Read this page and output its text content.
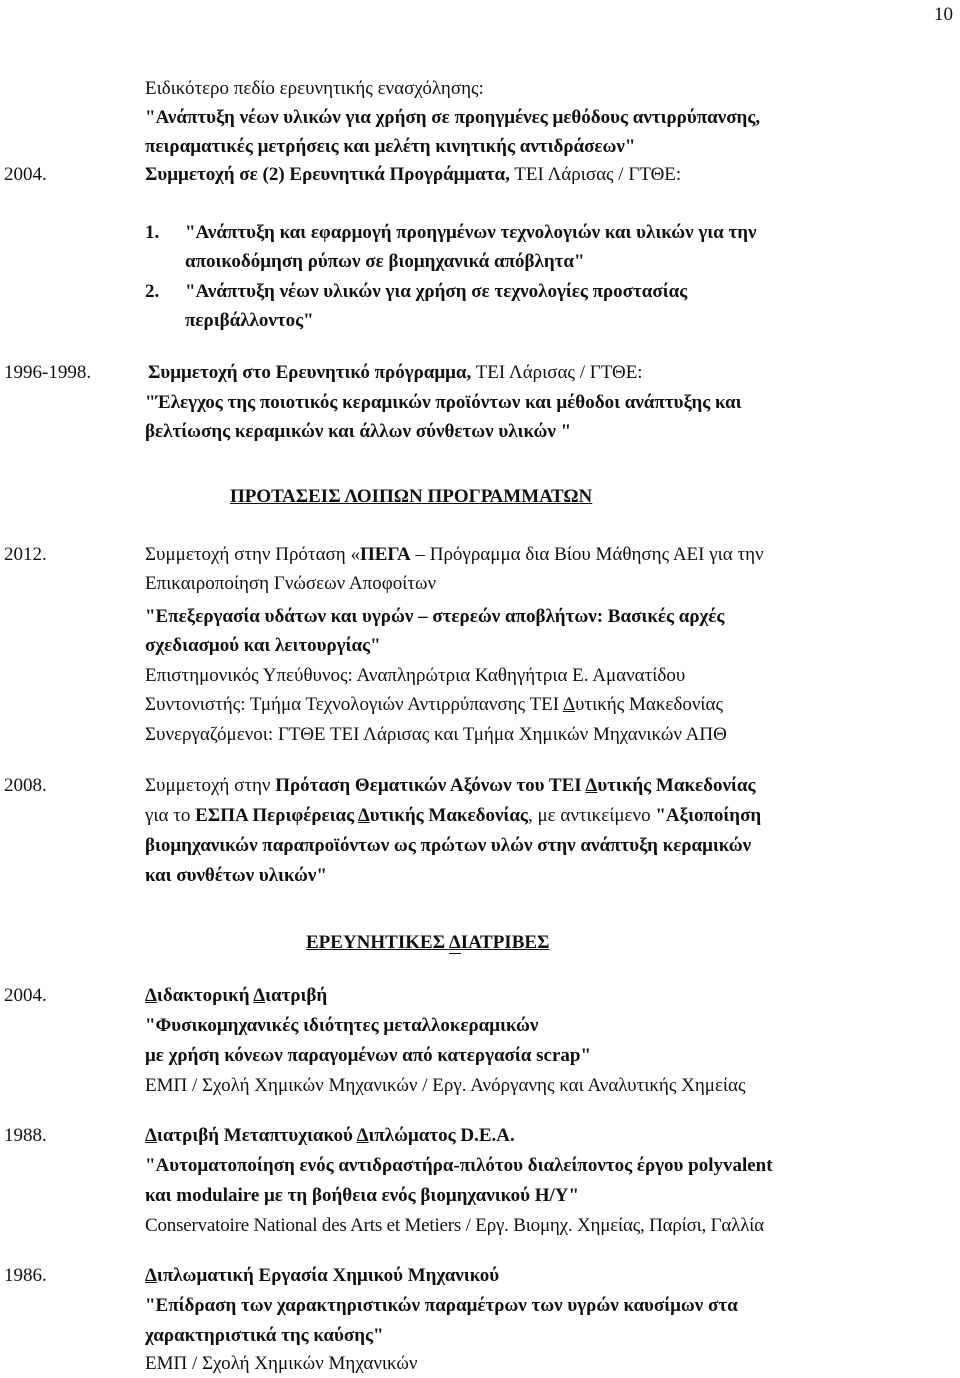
10
Ειδικότερο πεδίο ερευνητικής ενασχόλησης:
"Ανάπτυξη νέων υλικών για χρήση σε προηγμένες μεθόδους αντιρρύπανσης,
πειραματικές μετρήσεις και μελέτη κινητικής αντιδράσεων"
2004.	Συμμετοχή σε (2) Ερευνητικά Προγράμματα, ΤΕΙ Λάρισας / ΓΤΘΕ:
1. "Ανάπτυξη και εφαρμογή προηγμένων τεχνολογιών και υλικών για την
αποικοδόμηση ρύπων σε βιομηχανικά απόβλητα"
2. "Ανάπτυξη νέων υλικών για χρήση σε τεχνολογίες προστασίας
περιβάλλοντος"
1996-1998.	Συμμετοχή στο Ερευνητικό πρόγραμμα, ΤΕΙ Λάρισας / ΓΤΘΕ:
"Έλεγχος της ποιοτικός κεραμικών προϊόντων και μέθοδοι ανάπτυξης και
βελτίωσης κεραμικών και άλλων σύνθετων υλικών "
ΠΡΟΤΑΣΕΙΣ ΛΟΙΠΩΝ ΠΡΟΓΡΑΜΜΑΤΩΝ
2012.	Συμμετοχή στην Πρόταση «ΠΕΓΑ – Πρόγραμμα δια Βίου Μάθησης ΑΕΙ για την
Επικαιροποίηση Γνώσεων Αποφοίτων
"Επεξεργασία υδάτων και υγρών – στερεών αποβλήτων: Βασικές αρχές
σχεδιασμού και λειτουργίας"
Επιστημονικός Υπεύθυνος: Αναπληρώτρια Καθηγήτρια Ε. Αμανατίδου
Συντονιστής: Τμήμα Τεχνολογιών Αντιρρύπανσης ΤΕΙ Δυτικής Μακεδονίας
Συνεργαζόμενοι: ΓΤΘΕ ΤΕΙ Λάρισας και Τμήμα Χημικών Μηχανικών ΑΠΘ
2008.	Συμμετοχή στην Πρόταση Θεματικών Αξόνων του ΤΕΙ Δυτικής Μακεδονίας
για το ΕΣΠΑ Περιφέρειας Δυτικής Μακεδονίας, με αντικείμενο "Αξιοποίηση
βιομηχανικών παραπροϊόντων ως πρώτων υλών στην ανάπτυξη κεραμικών
και συνθέτων υλικών"
ΕΡΕΥΝΗΤΙΚΕΣ ΔΙΑΤΡΙΒΕΣ
2004.	Διδακτορική Διατριβή
"Φυσικομηχανικές ιδιότητες μεταλλοκεραμικών
με χρήση κόνεων παραγομένων από κατεργασία scrap"
ΕΜΠ / Σχολή Χημικών Μηχανικών / Εργ. Ανόργανης και Αναλυτικής Χημείας
1988.	Διατριβή Μεταπτυχιακού Διπλώματος D.E.A.
"Αυτοματοποίηση ενός αντιδραστήρα-πιλότου διαλείποντος έργου polyvalent
και modulaire με τη βοήθεια ενός βιομηχανικού Η/Υ"
Conservatoire National des Arts et Metiers / Εργ. Βιομηχ. Χημείας, Παρίσι, Γαλλία
1986.	Διπλωματική Εργασία Χημικού Μηχανικού
"Επίδραση των χαρακτηριστικών παραμέτρων των υγρών καυσίμων στα
χαρακτηριστικά της καύσης"
ΕΜΠ / Σχολή Χημικών Μηχανικών
